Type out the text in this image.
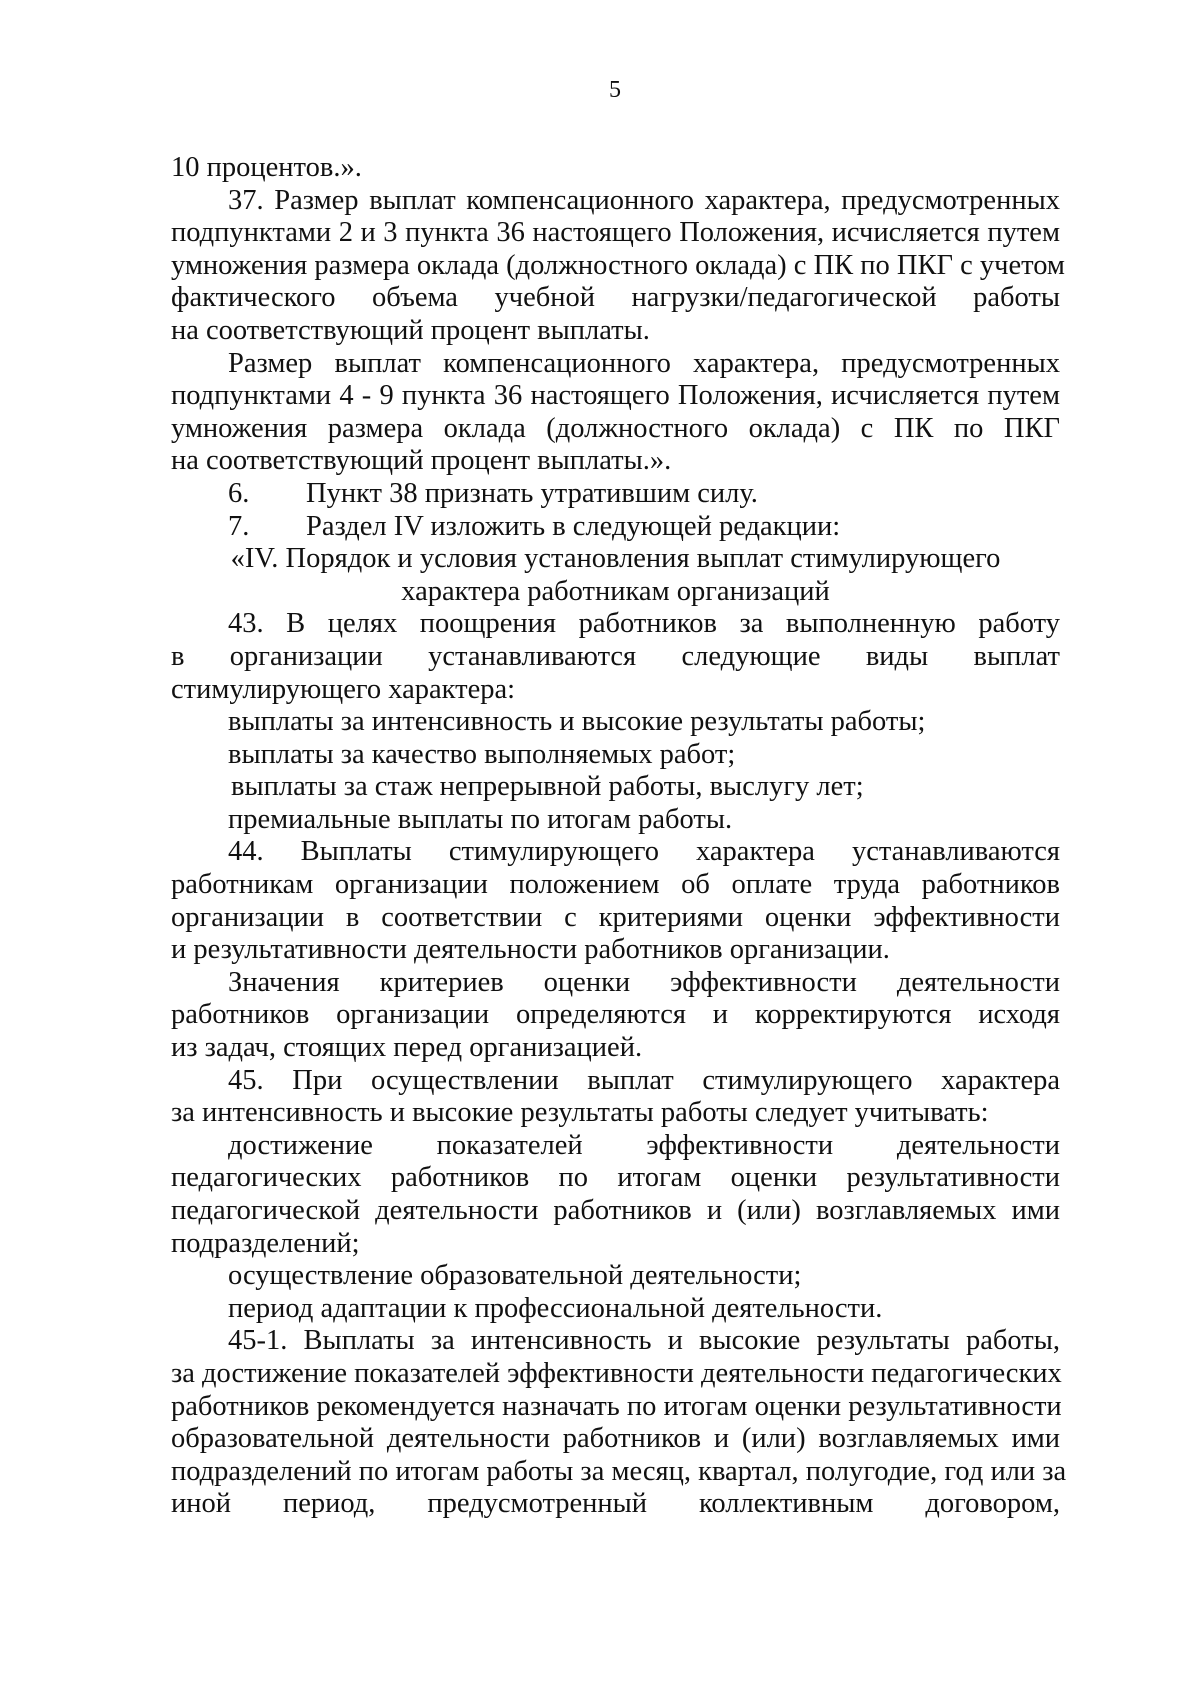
5
10 процентов.».
37. Размер выплат компенсационного характера, предусмотренных
подпунктами 2 и 3 пункта 36 настоящего Положения, исчисляется путем
умножения размера оклада (должностного оклада) с ПК по ПКГ с учетом
фактического объема учебной нагрузки/педагогической работы
на соответствующий процент выплаты.
Размер выплат компенсационного характера, предусмотренных
подпунктами 4 - 9 пункта 36 настоящего Положения, исчисляется путем
умножения размера оклада (должностного оклада) с ПК по ПКГ
на соответствующий процент выплаты.».
6. Пункт 38 признать утратившим силу.
7. Раздел IV изложить в следующей редакции:
«IV. Порядок и условия установления выплат стимулирующего
характера работникам организаций
43. В целях поощрения работников за выполненную работу
в организации устанавливаются следующие виды выплат
стимулирующего характера:
выплаты за интенсивность и высокие результаты работы;
выплаты за качество выполняемых работ;
выплаты за стаж непрерывной работы, выслугу лет;
премиальные выплаты по итогам работы.
44. Выплаты стимулирующего характера устанавливаются
работникам организации положением об оплате труда работников
организации в соответствии с критериями оценки эффективности
и результативности деятельности работников организации.
Значения критериев оценки эффективности деятельности
работников организации определяются и корректируются исходя
из задач, стоящих перед организацией.
45. При осуществлении выплат стимулирующего характера
за интенсивность и высокие результаты работы следует учитывать:
достижение показателей эффективности деятельности
педагогических работников по итогам оценки результативности
педагогической деятельности работников и (или) возглавляемых ими
подразделений;
осуществление образовательной деятельности;
период адаптации к профессиональной деятельности.
45-1. Выплаты за интенсивность и высокие результаты работы,
за достижение показателей эффективности деятельности педагогических
работников рекомендуется назначать по итогам оценки результативности
образовательной деятельности работников и (или) возглавляемых ими
подразделений по итогам работы за месяц, квартал, полугодие, год или за
иной период, предусмотренный коллективным договором,
